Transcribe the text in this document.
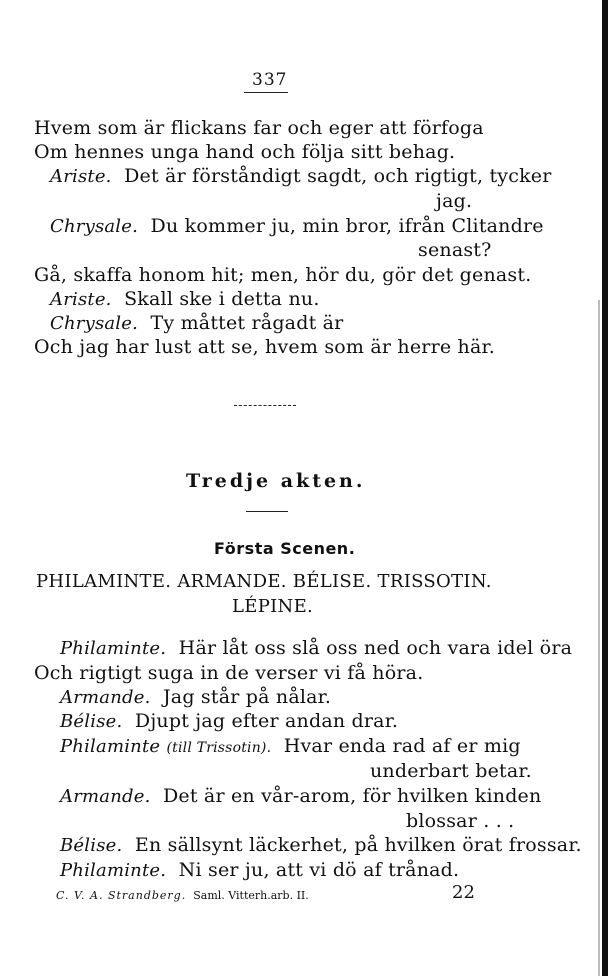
337
Hvem som är flickans far och eger att förfoga
Om hennes unga hand och följa sitt behag.
Ariste. Det är förståndigt sagdt, och rigtigt, tycker
jag.
Chrysale. Du kommer ju, min bror, ifrån Clitandre
senast?
Gå, skaffa honom hit; men, hör du, gör det genast.
Ariste. Skall ske i detta nu.
Chrysale. Ty måttet rågadt är
Och jag har lust att se, hvem som är herre här.
Tredje akten.
Första Scenen.
PHILAMINTE. ARMANDE. BÉLISE. TRISSOTIN.
LÉPINE.
Philaminte. Här låt oss slå oss ned och vara idel öra
Och rigtigt suga in de verser vi få höra.
Armande. Jag står på nålar.
Bélise. Djupt jag efter andan drar.
Philaminte (till Trissotin). Hvar enda rad af er mig
underbart betar.
Armande. Det är en vår-arom, för hvilken kinden
blossar . . .
Bélise. En sällsynt läckerhet, på hvilken örat frossar.
Philaminte. Ni ser ju, att vi dö af trånad.
C. V. A. Strandberg. Saml. Vitterh.arb. II.	22
